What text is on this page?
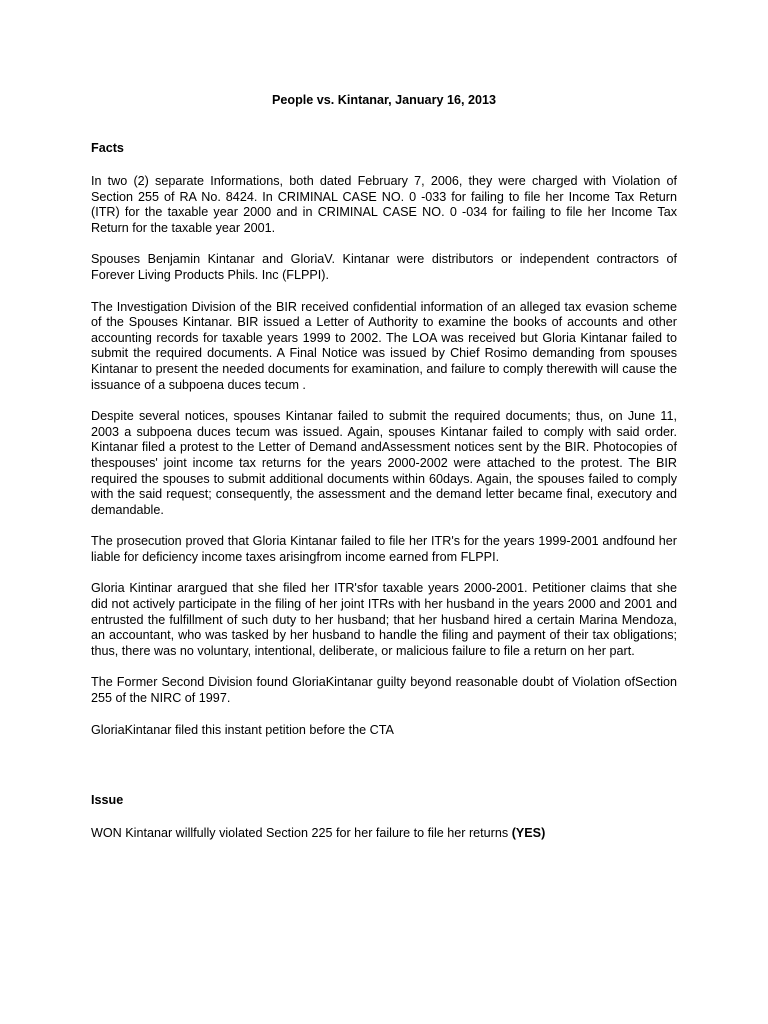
People vs. Kintanar, January 16, 2013
Facts

In two (2) separate Informations, both dated February 7, 2006, they were charged with Violation of Section 255 of RA No. 8424. In CRIMINAL CASE NO. 0 -033 for failing to file her Income Tax Return (ITR) for the taxable year 2000 and in CRIMINAL CASE NO. 0 -034 for failing to file her Income Tax Return for the taxable year 2001.

Spouses Benjamin Kintanar and GloriaV. Kintanar were distributors or independent contractors of Forever Living Products Phils. Inc (FLPPI).

The Investigation Division of the BIR received confidential information of an alleged tax evasion scheme of the Spouses Kintanar. BIR issued a Letter of Authority to examine the books of accounts and other accounting records for taxable years 1999 to 2002. The LOA was received but Gloria Kintanar failed to submit the required documents. A Final Notice was issued by Chief Rosimo demanding from spouses Kintanar to present the needed documents for examination, and failure to comply therewith will cause the issuance of a subpoena duces tecum .

Despite several notices, spouses Kintanar failed to submit the required documents; thus, on June 11, 2003 a subpoena duces tecum was issued. Again, spouses Kintanar failed to comply with said order. Kintanar filed a protest to the Letter of Demand andAssessment notices sent by the BIR. Photocopies of thespouses' joint income tax returns for the years 2000-2002 were attached to the protest. The BIR required the spouses to submit additional documents within 60days. Again, the spouses failed to comply with the said request; consequently, the assessment and the demand letter became final, executory and demandable.

The prosecution proved that Gloria Kintanar failed to file her ITR's for the years 1999-2001 andfound her liable for deficiency income taxes arisingfrom income earned from FLPPI.

Gloria Kintinar arargued that she filed her ITR'sfor taxable years 2000-2001. Petitioner claims that she did not actively participate in the filing of her joint ITRs with her husband in the years 2000 and 2001 and entrusted the fulfillment of such duty to her husband; that her husband hired a certain Marina Mendoza, an accountant, who was tasked by her husband to handle the filing and payment of their tax obligations; thus, there was no voluntary, intentional, deliberate, or malicious failure to file a return on her part.

The Former Second Division found GloriaKintanar guilty beyond reasonable doubt of Violation ofSection 255 of the NIRC of 1997.

GloriaKintanar filed this instant petition before the CTA

Issue

WON Kintanar willfully violated Section 225 for her failure to file her returns (YES)
